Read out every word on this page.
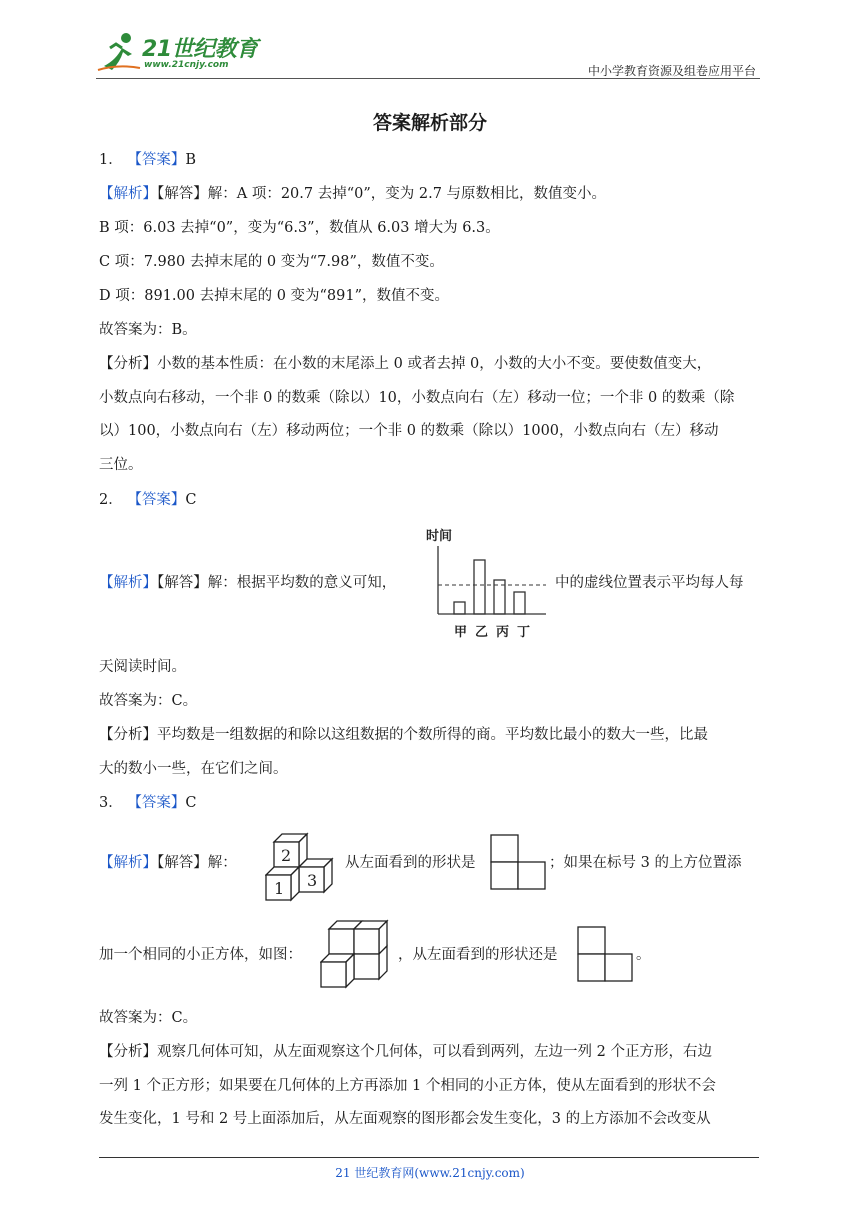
21世纪教育
www.21cnjy.com	中小学教育资源及组卷应用平台
答案解析部分
1． 【答案】B
【解析】【解答】解：A 项：20.7 去掉“0”，变为 2.7 与原数相比，数值变小。
B 项：6.03 去掉“0”，变为“6.3”，数值从 6.03 增大为 6.3。
C 项：7.980 去掉末尾的 0 变为“7.98”，数值不变。
D 项：891.00 去掉末尾的 0 变为“891”，数值不变。
故答案为：B。
【分析】小数的基本性质：在小数的末尾添上 0 或者去掉 0，小数的大小不变。要使数值变大，
小数点向右移动，一个非 0 的数乘（除以）10，小数点向右（左）移动一位；一个非 0 的数乘（除
以）100，小数点向右（左）移动两位；一个非 0 的数乘（除以）1000，小数点向右（左）移动
三位。
2． 【答案】C
【解析】【解答】解：根据平均数的意义可知，	中的虚线位置表示平均每人每
时间
甲 乙 丙 丁
天阅读时间。
故答案为：C。
【分析】平均数是一组数据的和除以这组数据的个数所得的商。平均数比最小的数大一些，比最
大的数小一些，在它们之间。
3． 【答案】C
【解析】【解答】解：	2
1 3
从左面看到的形状是	；如果在标号 3 的上方位置添
加一个相同的小正方体，如图：	，从左面看到的形状还是	。
故答案为：C。
【分析】观察几何体可知，从左面观察这个几何体，可以看到两列，左边一列 2 个正方形，右边
一列 1 个正方形；如果要在几何体的上方再添加 1 个相同的小正方体，使从左面看到的形状不会
发生变化，1 号和 2 号上面添加后，从左面观察的图形都会发生变化，3 的上方添加不会改变从
21 世纪教育网(www.21cnjy.com)
